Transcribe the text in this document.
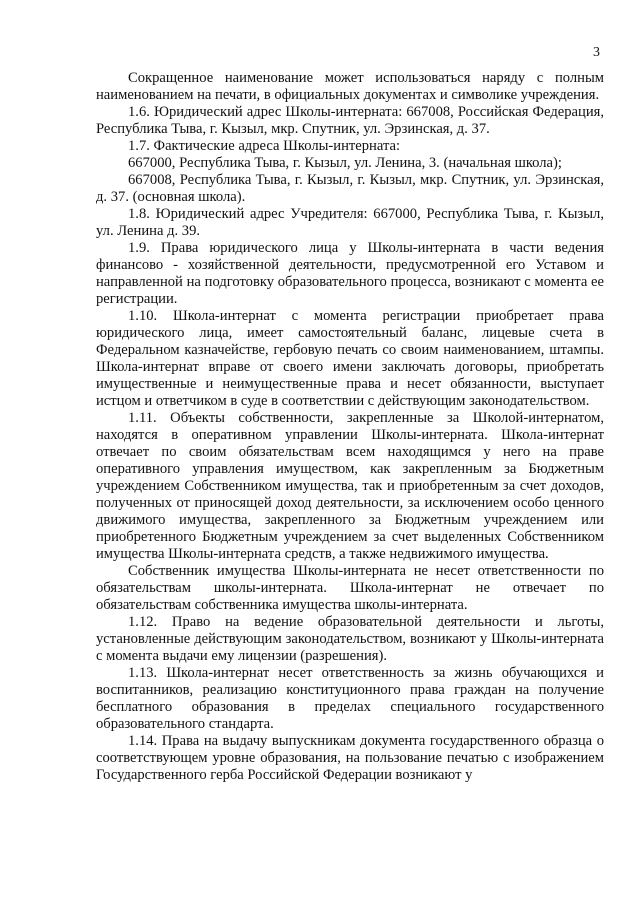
3

Сокращенное наименование может использоваться наряду с полным наименованием на печати, в официальных документах и символике учреждения.

1.6. Юридический адрес Школы-интерната: 667008, Российская Федерация, Республика Тыва, г. Кызыл, мкр. Спутник, ул. Эрзинская, д. 37.

1.7. Фактические адреса Школы-интерната:

667000, Республика Тыва, г. Кызыл, ул. Ленина, 3. (начальная школа);

667008, Республика Тыва, г. Кызыл, г. Кызыл, мкр. Спутник, ул. Эрзинская, д. 37. (основная школа).

1.8. Юридический адрес Учредителя: 667000, Республика Тыва, г. Кызыл, ул. Ленина д. 39.

1.9. Права юридического лица у Школы-интерната в части ведения финансово - хозяйственной деятельности, предусмотренной его Уставом и направленной на подготовку образовательного процесса, возникают с момента ее регистрации.

1.10. Школа-интернат с момента регистрации приобретает права юридического лица, имеет самостоятельный баланс, лицевые счета в Федеральном казначействе, гербовую печать со своим наименованием, штампы. Школа-интернат вправе от своего имени заключать договоры, приобретать имущественные и неимущественные права и несет обязанности, выступает истцом и ответчиком в суде в соответствии с действующим законодательством.

1.11. Объекты собственности, закрепленные за Школой-интернатом, находятся в оперативном управлении Школы-интерната. Школа-интернат отвечает по своим обязательствам всем находящимся у него на праве оперативного управления имуществом, как закрепленным за Бюджетным учреждением Собственником имущества, так и приобретенным за счет доходов, полученных от приносящей доход деятельности, за исключением особо ценного движимого имущества, закрепленного за Бюджетным учреждением или приобретенного Бюджетным учреждением за счет выделенных Собственником имущества Школы-интерната средств, а также недвижимого имущества.

Собственник имущества Школы-интерната не несет ответственности по обязательствам школы-интерната. Школа-интернат не отвечает по обязательствам собственника имущества школы-интерната.

1.12. Право на ведение образовательной деятельности и льготы, установленные действующим законодательством, возникают у Школы-интерната с момента выдачи ему лицензии (разрешения).

1.13. Школа-интернат несет ответственность за жизнь обучающихся и воспитанников, реализацию конституционного права граждан на получение бесплатного образования в пределах специального государственного образовательного стандарта.

1.14. Права на выдачу выпускникам документа государственного образца о соответствующем уровне образования, на пользование печатью с изображением Государственного герба Российской Федерации возникают у
